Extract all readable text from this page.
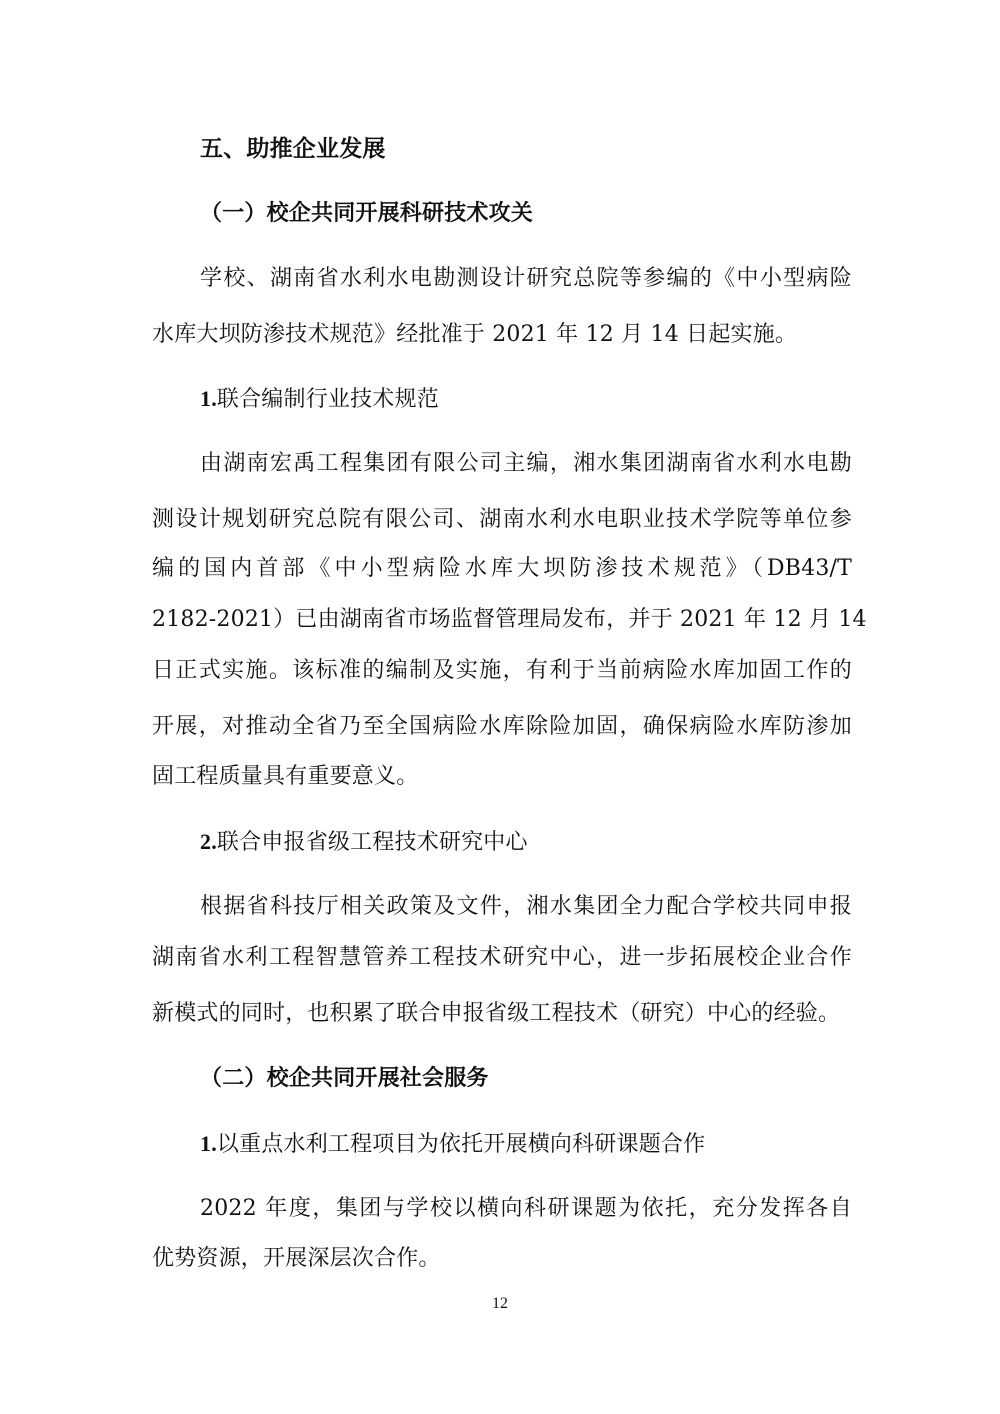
五、助推企业发展
（一）校企共同开展科研技术攻关
学校、湖南省水利水电勘测设计研究总院等参编的《中小型病险
水库大坝防渗技术规范》经批准于 2021 年 12 月 14 日起实施。
1.联合编制行业技术规范
由湖南宏禹工程集团有限公司主编，湘水集团湖南省水利水电勘
测设计规划研究总院有限公司、湖南水利水电职业技术学院等单位参
编的国内首部《中小型病险水库大坝防渗技术规范》（DB43/T
2182-2021）已由湖南省市场监督管理局发布，并于 2021 年 12 月 14
日正式实施。该标准的编制及实施，有利于当前病险水库加固工作的
开展，对推动全省乃至全国病险水库除险加固，确保病险水库防渗加
固工程质量具有重要意义。
2.联合申报省级工程技术研究中心
根据省科技厅相关政策及文件，湘水集团全力配合学校共同申报
湖南省水利工程智慧管养工程技术研究中心，进一步拓展校企业合作
新模式的同时，也积累了联合申报省级工程技术（研究）中心的经验。
（二）校企共同开展社会服务
1.以重点水利工程项目为依托开展横向科研课题合作
2022 年度，集团与学校以横向科研课题为依托，充分发挥各自
优势资源，开展深层次合作。
12
